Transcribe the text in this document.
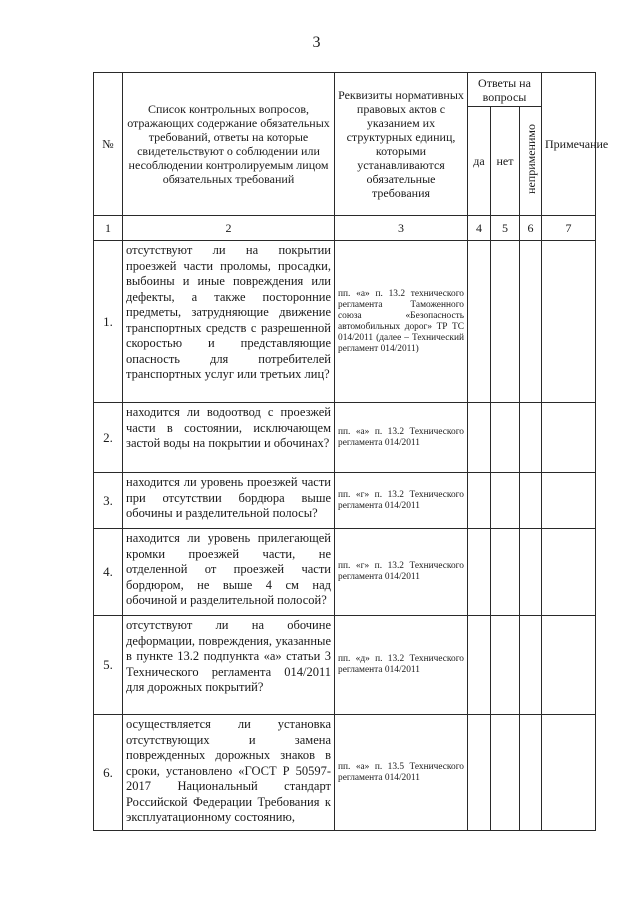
3
№	Список контрольных вопросов, отражающих содержание обязательных требований, ответы на которые свидетельствуют о соблюдении или несоблюдении контролируемым лицом обязательных требований	Реквизиты нормативных правовых актов с указанием их структурных единиц, которыми устанавливаются обязательные требования	Ответы на вопросы			Примечание
			да	нет	неприменимо	
1	2	3	4	5	6	7
1.	отсутствуют ли на покрытии проезжей части проломы, просадки, выбоины и иные повреждения или дефекты, а также посторонние предметы, затрудняющие движение транспортных средств с разрешенной скоростью и представляющие опасность для потребителей транспортных услуг или третьих лиц?	пп. «а» п. 13.2 технического регламента Таможенного союза «Безопасность автомобильных дорог» ТР ТС 014/2011 (далее – Технический регламент 014/2011)				
2.	находится ли водоотвод с проезжей части в состоянии, исключающем застой воды на покрытии и обочинах?	пп. «а» п. 13.2 Технического регламента 014/2011				
3.	находится ли уровень проезжей части при отсутствии бордюра выше обочины и разделительной полосы?	пп. «г» п. 13.2 Технического регламента 014/2011				
4.	находится ли уровень прилегающей кромки проезжей части, не отделенной от проезжей части бордюром, не выше 4 см над обочиной и разделительной полосой?	пп. «г» п. 13.2 Технического регламента 014/2011				
5.	отсутствуют ли на обочине деформации, повреждения, указанные в пункте 13.2 подпункта «а» статьи 3 Технического регламента 014/2011 для дорожных покрытий?	пп. «д» п. 13.2 Технического регламента 014/2011				
6.	осуществляется ли установка отсутствующих и замена поврежденных дорожных знаков в сроки, установлено «ГОСТ Р 50597-2017 Национальный стандарт Российской Федерации Требования к эксплуатационному состоянию,	пп. «а» п. 13.5 Технического регламента 014/2011				
